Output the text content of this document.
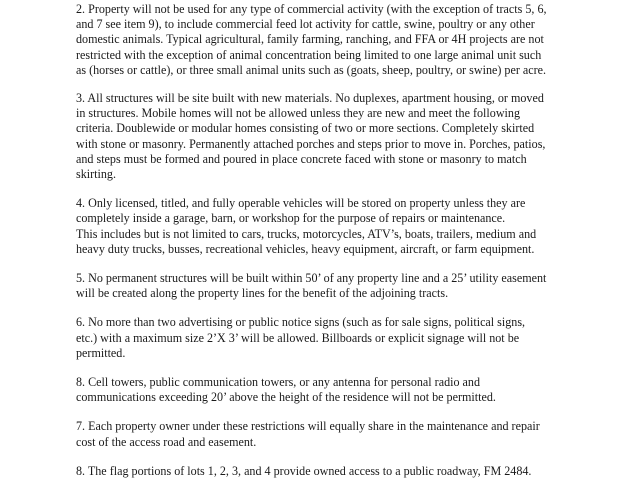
2. Property will not be used for any type of commercial activity (with the exception of tracts 5, 6,
and 7 see item 9), to include commercial feed lot activity for cattle, swine, poultry or any other
domestic animals. Typical agricultural, family farming, ranching, and FFA or 4H projects are not
restricted with the exception of animal concentration being limited to one large animal unit such
as (horses or cattle), or three small animal units such as (goats, sheep, poultry, or swine) per acre.

3. All structures will be site built with new materials. No duplexes, apartment housing, or moved
in structures. Mobile homes will not be allowed unless they are new and meet the following
criteria. Doublewide or modular homes consisting of two or more sections. Completely skirted
with stone or masonry. Permanently attached porches and steps prior to move in. Porches, patios,
and steps must be formed and poured in place concrete faced with stone or masonry to match
skirting.

4. Only licensed, titled, and fully operable vehicles will be stored on property unless they are
completely inside a garage, barn, or workshop for the purpose of repairs or maintenance.
This includes but is not limited to cars, trucks, motorcycles, ATV’s, boats, trailers, medium and
heavy duty trucks, busses, recreational vehicles, heavy equipment, aircraft, or farm equipment.

5. No permanent structures will be built within 50’ of any property line and a 25’ utility easement
will be created along the property lines for the benefit of the adjoining tracts.

6. No more than two advertising or public notice signs (such as for sale signs, political signs,
etc.) with a maximum size 2’X 3’ will be allowed. Billboards or explicit signage will not be
permitted.

8. Cell towers, public communication towers, or any antenna for personal radio and
communications exceeding 20’ above the height of the residence will not be permitted.

7. Each property owner under these restrictions will equally share in the maintenance and repair
cost of the access road and easement.

8. The flag portions of lots 1, 2, 3, and 4 provide owned access to a public roadway, FM 2484.
